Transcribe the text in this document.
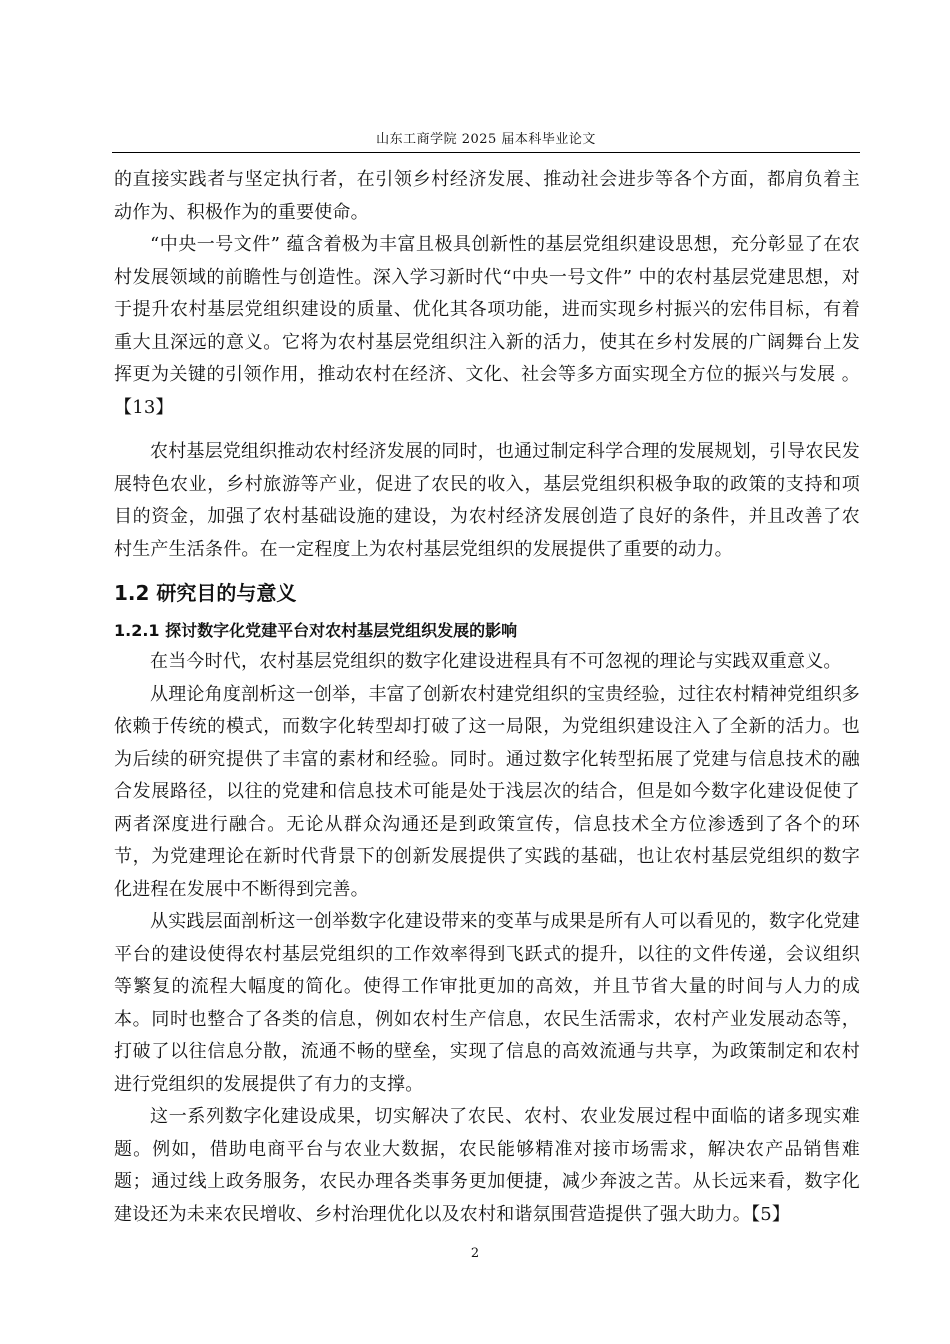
山东工商学院 2025 届本科毕业论文

的直接实践者与坚定执行者，在引领乡村经济发展、推动社会进步等各个方面，都肩负着主动作为、积极作为的重要使命。

“中央一号文件” 蕴含着极为丰富且极具创新性的基层党组织建设思想，充分彰显了在农村发展领域的前瞻性与创造性。深入学习新时代“中央一号文件” 中的农村基层党建思想，对于提升农村基层党组织建设的质量、优化其各项功能，进而实现乡村振兴的宏伟目标，有着重大且深远的意义。它将为农村基层党组织注入新的活力，使其在乡村发展的广阔舞台上发挥更为关键的引领作用，推动农村在经济、文化、社会等多方面实现全方位的振兴与发展 。【13】

农村基层党组织推动农村经济发展的同时，也通过制定科学合理的发展规划，引导农民发展特色农业，乡村旅游等产业，促进了农民的收入，基层党组织积极争取的政策的支持和项目的资金，加强了农村基础设施的建设，为农村经济发展创造了良好的条件，并且改善了农村生产生活条件。在一定程度上为农村基层党组织的发展提供了重要的动力。

1.2 研究目的与意义
1.2.1 探讨数字化党建平台对农村基层党组织发展的影响

在当今时代，农村基层党组织的数字化建设进程具有不可忽视的理论与实践双重意义。

从理论角度剖析这一创举，丰富了创新农村建党组织的宝贵经验，过往农村精神党组织多依赖于传统的模式，而数字化转型却打破了这一局限，为党组织建设注入了全新的活力。也为后续的研究提供了丰富的素材和经验。同时。通过数字化转型拓展了党建与信息技术的融合发展路径，以往的党建和信息技术可能是处于浅层次的结合，但是如今数字化建设促使了两者深度进行融合。无论从群众沟通还是到政策宣传，信息技术全方位渗透到了各个的环节，为党建理论在新时代背景下的创新发展提供了实践的基础，也让农村基层党组织的数字化进程在发展中不断得到完善。

从实践层面剖析这一创举数字化建设带来的变革与成果是所有人可以看见的，数字化党建平台的建设使得农村基层党组织的工作效率得到飞跃式的提升，以往的文件传递，会议组织等繁复的流程大幅度的简化。使得工作审批更加的高效，并且节省大量的时间与人力的成本。同时也整合了各类的信息，例如农村生产信息，农民生活需求，农村产业发展动态等，打破了以往信息分散，流通不畅的壁垒，实现了信息的高效流通与共享，为政策制定和农村进行党组织的发展提供了有力的支撑。

这一系列数字化建设成果，切实解决了农民、农村、农业发展过程中面临的诸多现实难题。例如，借助电商平台与农业大数据，农民能够精准对接市场需求，解决农产品销售难题；通过线上政务服务，农民办理各类事务更加便捷，减少奔波之苦。从长远来看，数字化建设还为未来农民增收、乡村治理优化以及农村和谐氛围营造提供了强大助力。【5】

2
